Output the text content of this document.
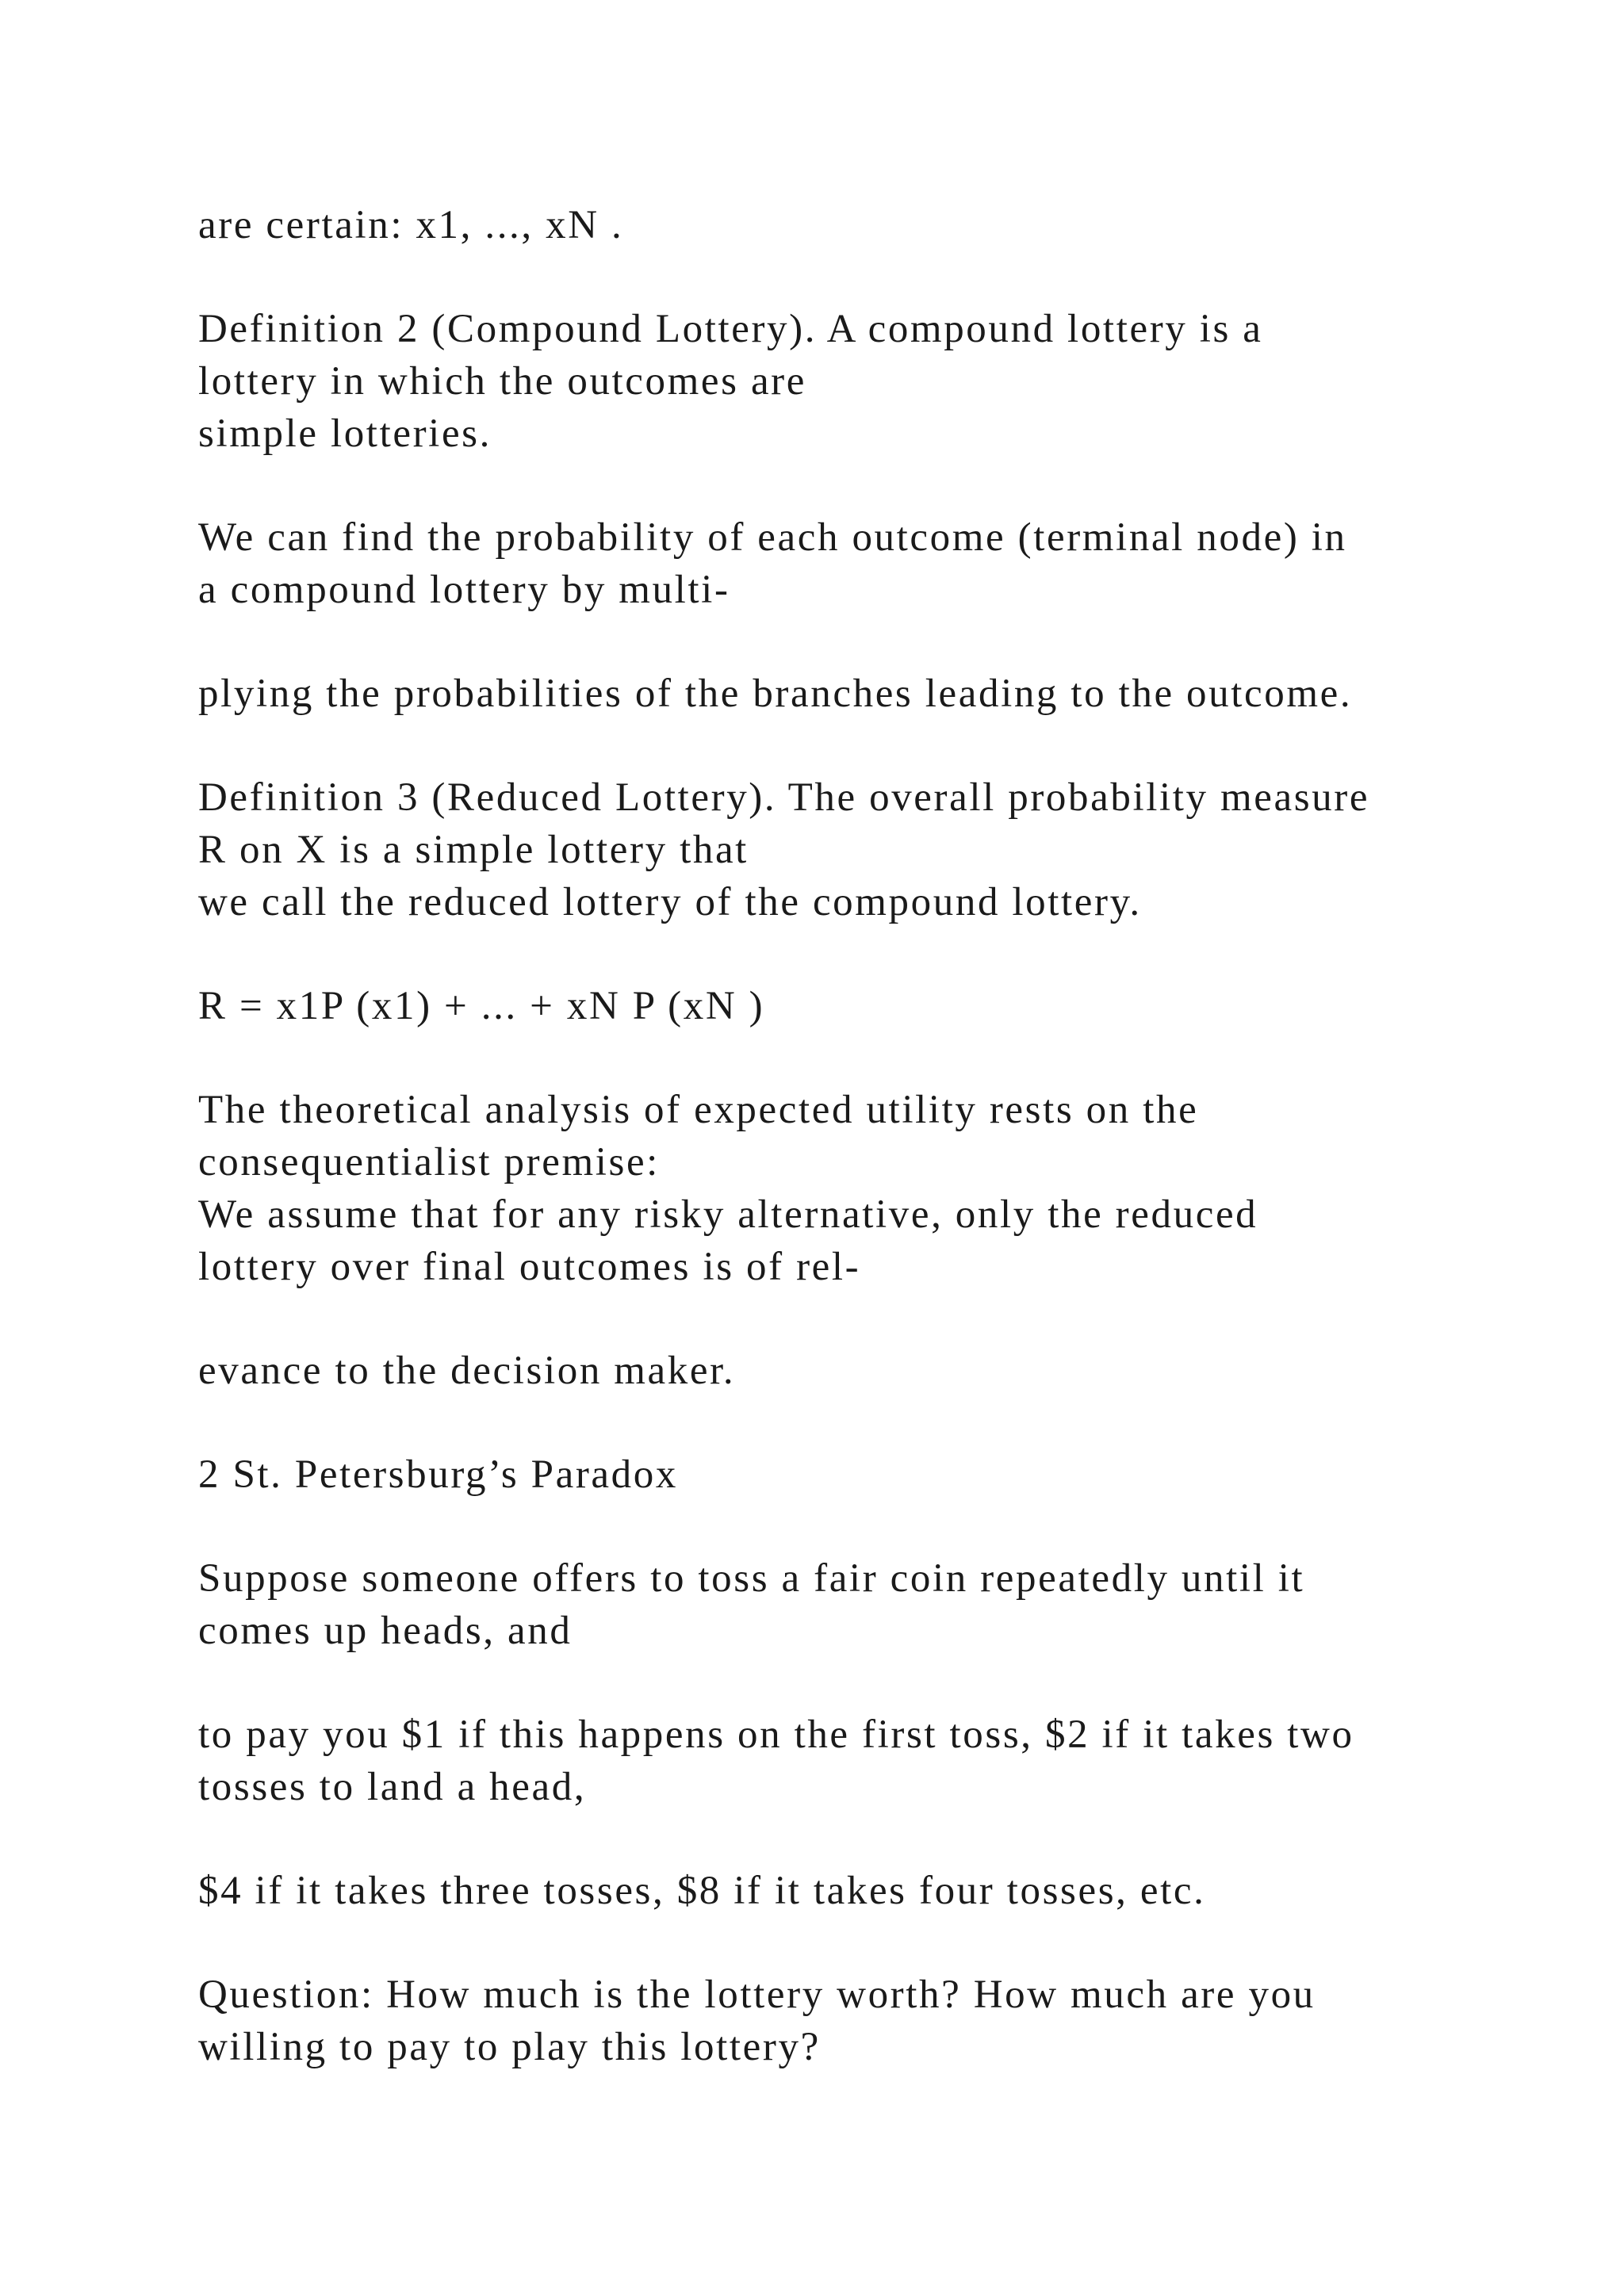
are certain: x1, ..., xN .

Definition 2 (Compound Lottery). A compound lottery is a

lottery in which the outcomes are

simple lotteries.

We can find the probability of each outcome (terminal node) in

a compound lottery by multi-

plying the probabilities of the branches leading to the outcome.

Definition 3 (Reduced Lottery). The overall probability measure

R on X is a simple lottery that

we call the reduced lottery of the compound lottery.

R = x1P (x1) + ... + xN P (xN )

The theoretical analysis of expected utility rests on the

consequentialist premise:

We assume that for any risky alternative, only the reduced

lottery over final outcomes is of rel-

evance to the decision maker.

2 St. Petersburg’s Paradox

Suppose someone offers to toss a fair coin repeatedly until it

comes up heads, and

to pay you $1 if this happens on the first toss, $2 if it takes two

tosses to land a head,

$4 if it takes three tosses, $8 if it takes four tosses, etc.

Question: How much is the lottery worth? How much are you

willing to pay to play this lottery?
